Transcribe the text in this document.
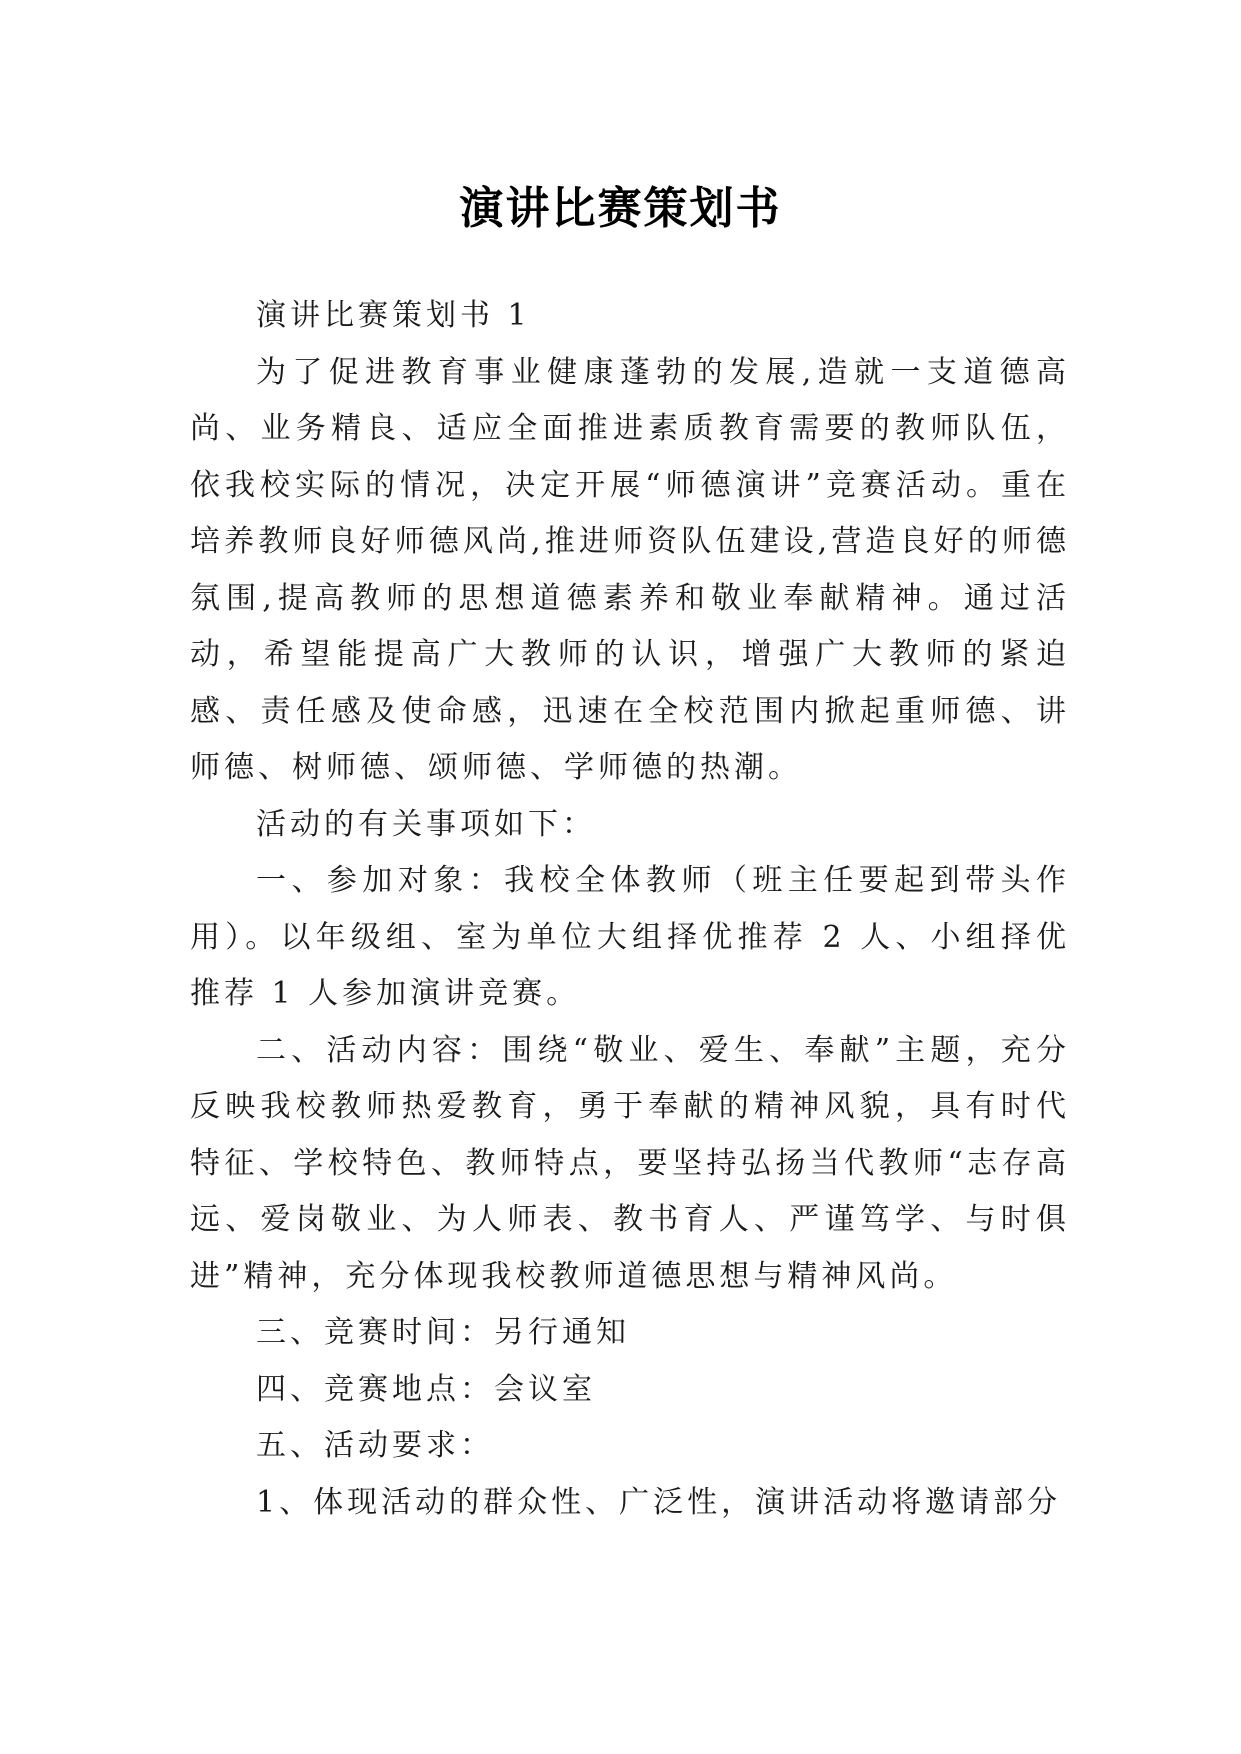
演讲比赛策划书

演讲比赛策划书 1

为了促进教育事业健康蓬勃的发展,造就一支道德高尚、业务精良、适应全面推进素质教育需要的教师队伍，依我校实际的情况，决定开展“师德演讲”竞赛活动。重在培养教师良好师德风尚,推进师资队伍建设,营造良好的师德氛围,提高教师的思想道德素养和敬业奉献精神。通过活动，希望能提高广大教师的认识，增强广大教师的紧迫感、责任感及使命感，迅速在全校范围内掀起重师德、讲师德、树师德、颂师德、学师德的热潮。

活动的有关事项如下：

一、参加对象：我校全体教师（班主任要起到带头作用）。以年级组、室为单位大组择优推荐 2 人、小组择优推荐 1 人参加演讲竞赛。

二、活动内容：围绕“敬业、爱生、奉献”主题，充分反映我校教师热爱教育，勇于奉献的精神风貌，具有时代特征、学校特色、教师特点，要坚持弘扬当代教师“志存高远、爱岗敬业、为人师表、教书育人、严谨笃学、与时俱进”精神，充分体现我校教师道德思想与精神风尚。

三、竞赛时间：另行通知

四、竞赛地点：会议室

五、活动要求：

1、体现活动的群众性、广泛性，演讲活动将邀请部分
